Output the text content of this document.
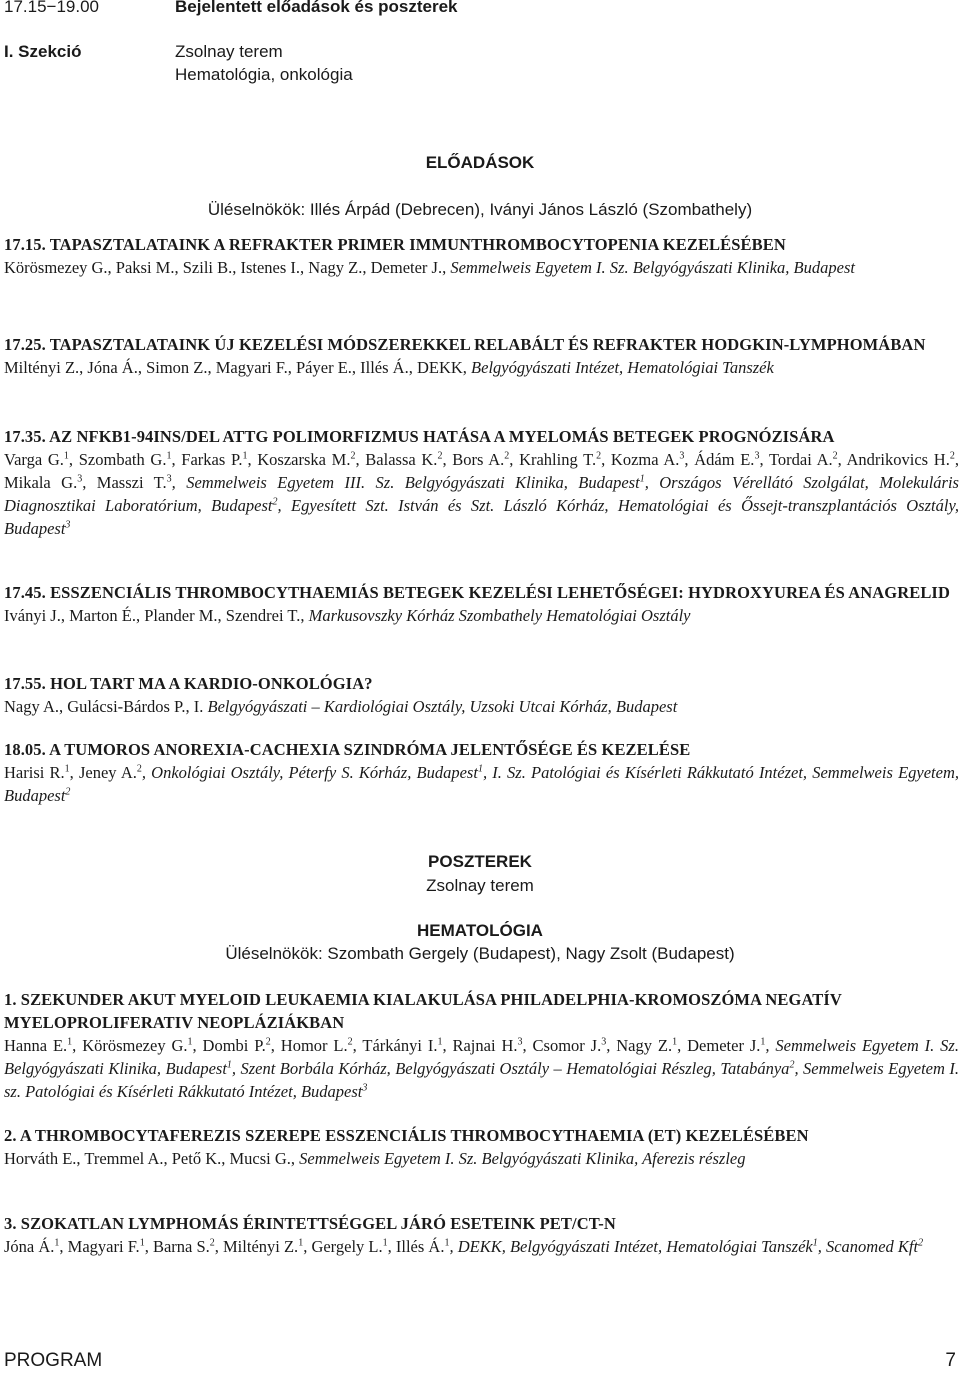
17.15−19.00	Bejelentett előadások és poszterek
I. Szekció	Zsolnay terem
Hematológia, onkológia
ELŐADÁSOK
Üléselnökök: Illés Árpád (Debrecen), Iványi János László (Szombathely)
17.15. TAPASZTALATAINK A REFRAKTER PRIMER IMMUNTHROMBOCYTOPENIA KEZELÉSÉBEN
Körösmezey G., Paksi M., Szili B., Istenes I., Nagy Z., Demeter J., Semmelweis Egyetem I. Sz. Belgyógyászati Klinika, Budapest
17.25. TAPASZTALATAINK ÚJ KEZELÉSI MÓDSZEREKKEL RELABÁLT ÉS REFRAKTER HODGKIN-LYMPHOMÁBAN
Miltényi Z., Jóna Á., Simon Z., Magyari F., Páyer E., Illés Á., DEKK, Belgyógyászati Intézet, Hematológiai Tanszék
17.35. AZ NFKB1-94INS/DEL ATTG POLIMORFIZMUS HATÁSA A MYELOMÁS BETEGEK PROGNÓZISÁRA
Varga G.$^1$, Szombath G.$^1$, Farkas P.$^1$, Koszarska M.$^2$, Balassa K.$^2$, Bors A.$^2$, Krahling T.$^2$, Kozma A.$^3$, Ádám E.$^3$, Tordai A.$^2$, Andrikovics H.$^2$, Mikala G.$^3$, Masszi T.$^3$, Semmelweis Egyetem III. Sz. Belgyógyászati Klinika, Budapest$^1$, Országos Vérellátó Szolgálat, Molekuláris Diagnosztikai Laboratórium, Budapest$^2$, Egyesített Szt. István és Szt. László Kórház, Hematológiai és Őssejt-transzplantációs Osztály, Budapest$^3$
17.45. ESSZENCIÁLIS THROMBOCYTHAEMIÁS BETEGEK KEZELÉSI LEHETŐSÉGEI: HYDROXYUREA ÉS ANAGRELID
Iványi J., Marton É., Plander M., Szendrei T., Markusovszky Kórház Szombathely Hematológiai Osztály
17.55. HOL TART MA A KARDIO-ONKOLÓGIA?
Nagy A., Gulácsi-Bárdos P., I. Belgyógyászati – Kardiológiai Osztály, Uzsoki Utcai Kórház, Budapest
18.05. A TUMOROS ANOREXIA-CACHEXIA SZINDRÓMA JELENTŐSÉGE ÉS KEZELÉSE
Harisi R.$^1$, Jeney A.$^2$, Onkológiai Osztály, Péterfy S. Kórház, Budapest$^1$, I. Sz. Patológiai és Kísérleti Rákkutató Intézet, Semmelweis Egyetem, Budapest$^2$
POSZTEREK
Zsolnay terem
HEMATOLÓGIA
Üléselnökök: Szombath Gergely (Budapest), Nagy Zsolt (Budapest)
1. SZEKUNDER AKUT MYELOID LEUKAEMIA KIALAKULÁSA PHILADELPHIA-KROMOSZÓMA NEGATÍV MYELOPROLIFERATIV NEOPLÁZIÁKBAN
Hanna E.$^1$, Körösmezey G.$^1$, Dombi P.$^2$, Homor L.$^2$, Tárkányi I.$^1$, Rajnai H.$^3$, Csomor J.$^3$, Nagy Z.$^1$, Demeter J.$^1$, Semmelweis Egyetem I. Sz. Belgyógyászati Klinika, Budapest$^1$, Szent Borbála Kórház, Belgyógyászati Osztály – Hematológiai Részleg, Tatabánya$^2$, Semmelweis Egyetem I. sz. Patológiai és Kísérleti Rákkutató Intézet, Budapest$^3$
2. A THROMBOCYTAFEREZIS SZEREPE ESSZENCIÁLIS THROMBOCYTHAEMIA (ET) KEZELÉSÉBEN
Horváth E., Tremmel A., Pető K., Mucsi G., Semmelweis Egyetem I. Sz. Belgyógyászati Klinika, Aferezis részleg
3. SZOKATLAN LYMPHOMÁS ÉRINTETTSÉGGEL JÁRÓ ESETEINK PET/CT-N
Jóna Á.$^1$, Magyari F.$^1$, Barna S.$^2$, Miltényi Z.$^1$, Gergely L.$^1$, Illés Á.$^1$, DEKK, Belgyógyászati Intézet, Hematológiai Tanszék$^1$, Scanomed Kft$^2$
PROGRAM	7
